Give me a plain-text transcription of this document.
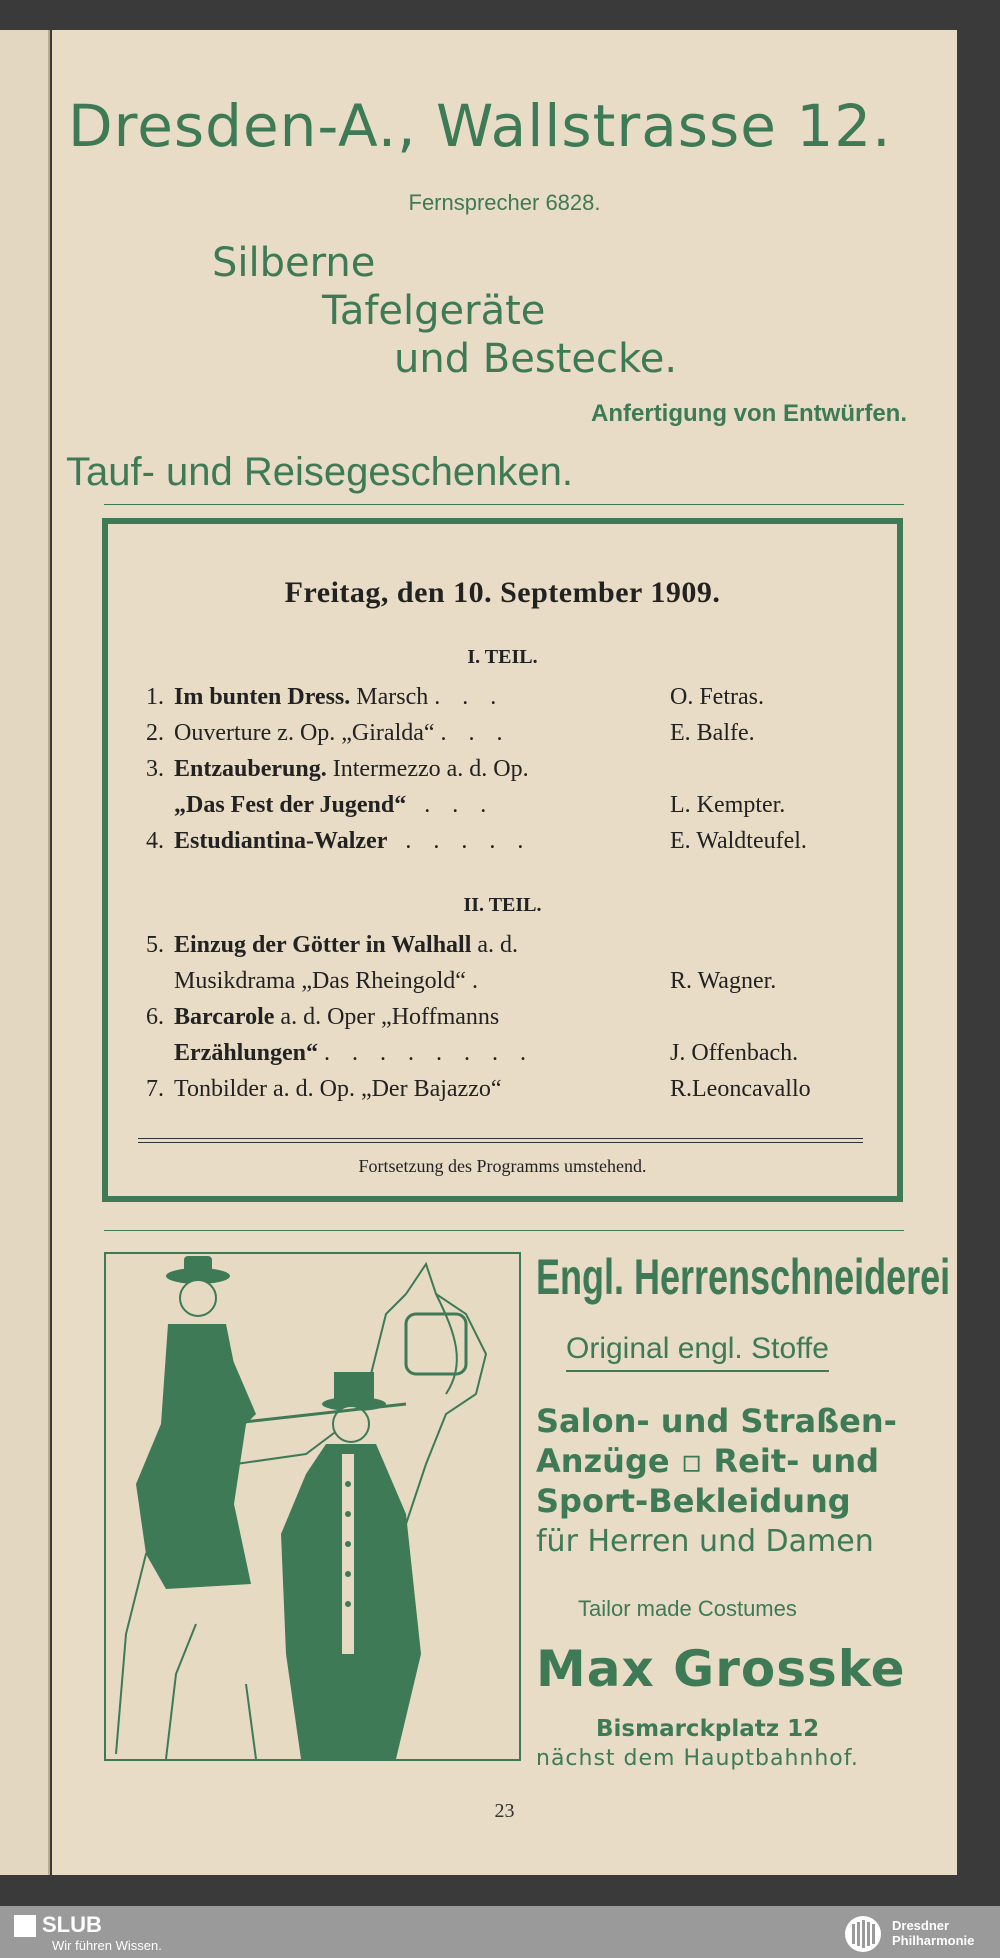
Dresden-A., Wallstrasse 12.
Fernsprecher 6828.
Silberne
Tafelgeräte
und Bestecke.
Anfertigung von Entwürfen.
Tauf- und Reisegeschenken.
Freitag, den 10. September 1909.
I. TEIL.
1. Im bunten Dress. Marsch . . .	O. Fetras.
2. Ouverture z. Op. „Giralda“ . . .	E. Balfe.
3. Entzauberung. Intermezzo a. d. Op.
„Das Fest der Jugend“ . . .	L. Kempter.
4. Estudiantina-Walzer . . . . .	E. Waldteufel.
II. TEIL.
5. Einzug der Götter in Walhall a. d.
Musikdrama „Das Rheingold“ .	R. Wagner.
6. Barcarole a. d. Oper „Hoffmanns
Erzählungen“ . . . . . . . .	J. Offenbach.
7. Tonbilder a. d. Op. „Der Bajazzo“	R.Leoncavallo
Fortsetzung des Programms umstehend.
Engl. Herrenschneiderei
Original engl. Stoffe
Salon- und Straßen-
Anzüge ▫ Reit- und
Sport-Bekleidung
für Herren und Damen
Tailor made Costumes
Max Grosske
Bismarckplatz 12
nächst dem Hauptbahnhof.
23
SLUB
Wir führen Wissen.
Dresdner
Philharmonie
